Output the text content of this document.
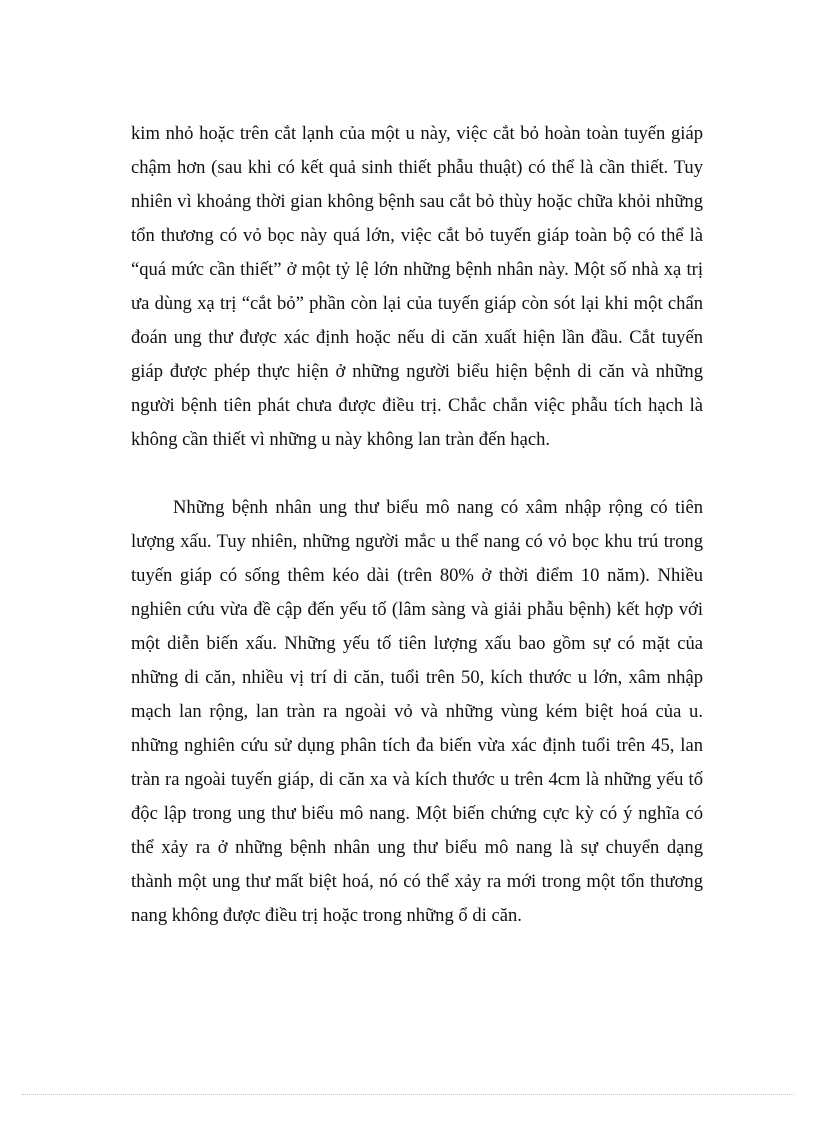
kim nhỏ hoặc trên cắt lạnh của một u này, việc cắt bỏ hoàn toàn tuyến giáp chậm hơn (sau khi có kết quả sinh thiết phẫu thuật) có thể là cần thiết. Tuy nhiên vì khoảng thời gian không bệnh sau cắt bỏ thùy hoặc chữa khỏi những tổn thương có vỏ bọc này quá lớn, việc cắt bỏ tuyến giáp toàn bộ có thể là “quá mức cần thiết” ở một tỷ lệ lớn những bệnh nhân này. Một số nhà xạ trị ưa dùng xạ trị “cắt bỏ” phần còn lại của tuyến giáp còn sót lại khi một chẩn đoán ung thư được xác định hoặc nếu di căn xuất hiện lần đầu. Cắt tuyến giáp được phép thực hiện ở những người biểu hiện bệnh di căn và những người bệnh tiên phát chưa được điều trị. Chắc chắn việc phẫu tích hạch là không cần thiết vì những u này không lan tràn đến hạch.

Những bệnh nhân ung thư biểu mô nang có xâm nhập rộng có tiên lượng xấu. Tuy nhiên, những người mắc u thể nang có vỏ bọc khu trú trong tuyến giáp có sống thêm kéo dài (trên 80% ở thời điểm 10 năm). Nhiều nghiên cứu vừa đề cập đến yếu tố (lâm sàng và giải phẫu bệnh) kết hợp với một diễn biến xấu. Những yếu tố tiên lượng xấu bao gồm sự có mặt của những di căn, nhiều vị trí di căn, tuổi trên 50, kích thước u lớn, xâm nhập mạch lan rộng, lan tràn ra ngoài vỏ và những vùng kém biệt hoá của u. những nghiên cứu sử dụng phân tích đa biến vừa xác định tuổi trên 45, lan tràn ra ngoài tuyến giáp, di căn xa và kích thước u trên 4cm là những yếu tố độc lập trong ung thư biểu mô nang. Một biến chứng cực kỳ có ý nghĩa có thể xảy ra ở những bệnh nhân ung thư biểu mô nang là sự chuyển dạng thành một ung thư mất biệt hoá, nó có thể xảy ra mới trong một tổn thương nang không được điều trị hoặc trong những ổ di căn.
